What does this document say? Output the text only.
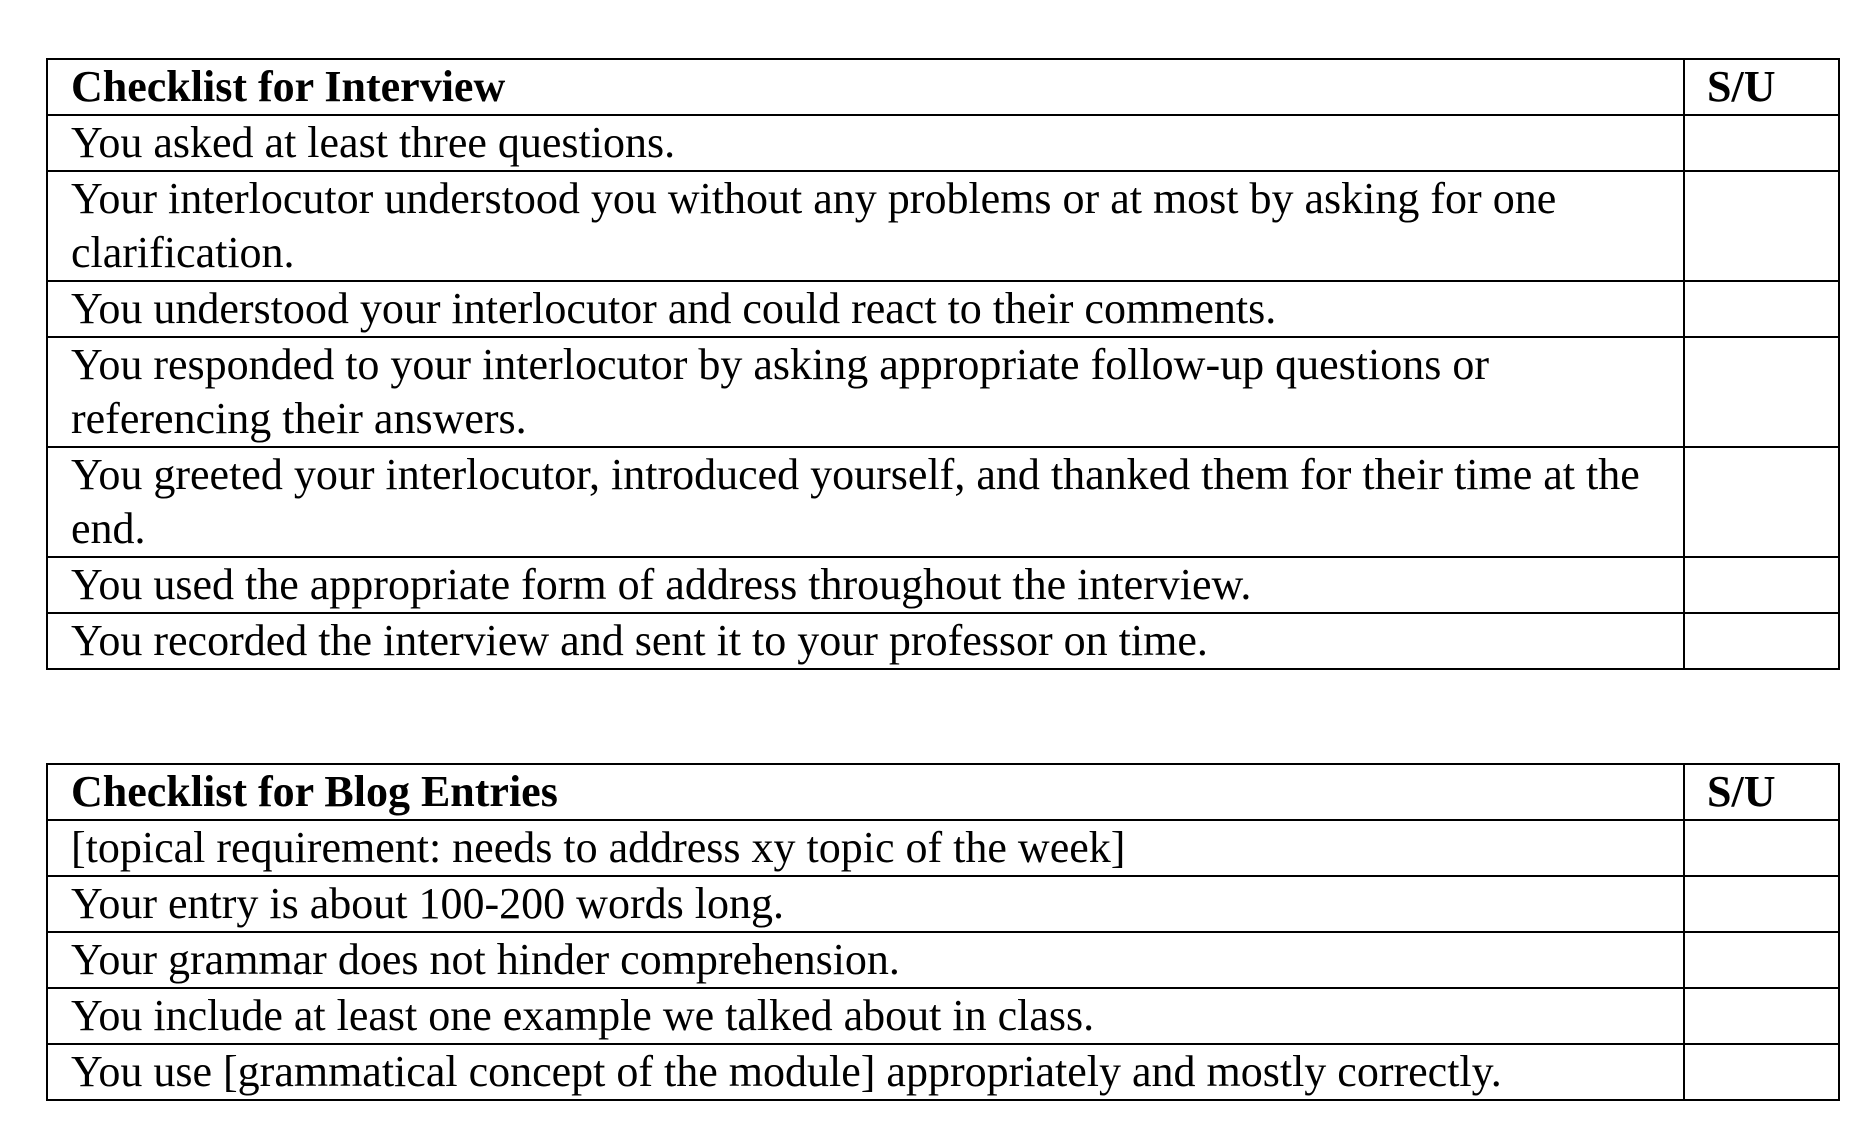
Checklist for Interview	S/U
You asked at least three questions.	
Your interlocutor understood you without any problems or at most by asking for one clarification.	
You understood your interlocutor and could react to their comments.	
You responded to your interlocutor by asking appropriate follow-up questions or referencing their answers.	
You greeted your interlocutor, introduced yourself, and thanked them for their time at the end.	
You used the appropriate form of address throughout the interview.	
You recorded the interview and sent it to your professor on time.	
Checklist for Blog Entries	S/U
[topical requirement: needs to address xy topic of the week]	
Your entry is about 100-200 words long.	
Your grammar does not hinder comprehension.	
You include at least one example we talked about in class.	
You use [grammatical concept of the module] appropriately and mostly correctly.	
